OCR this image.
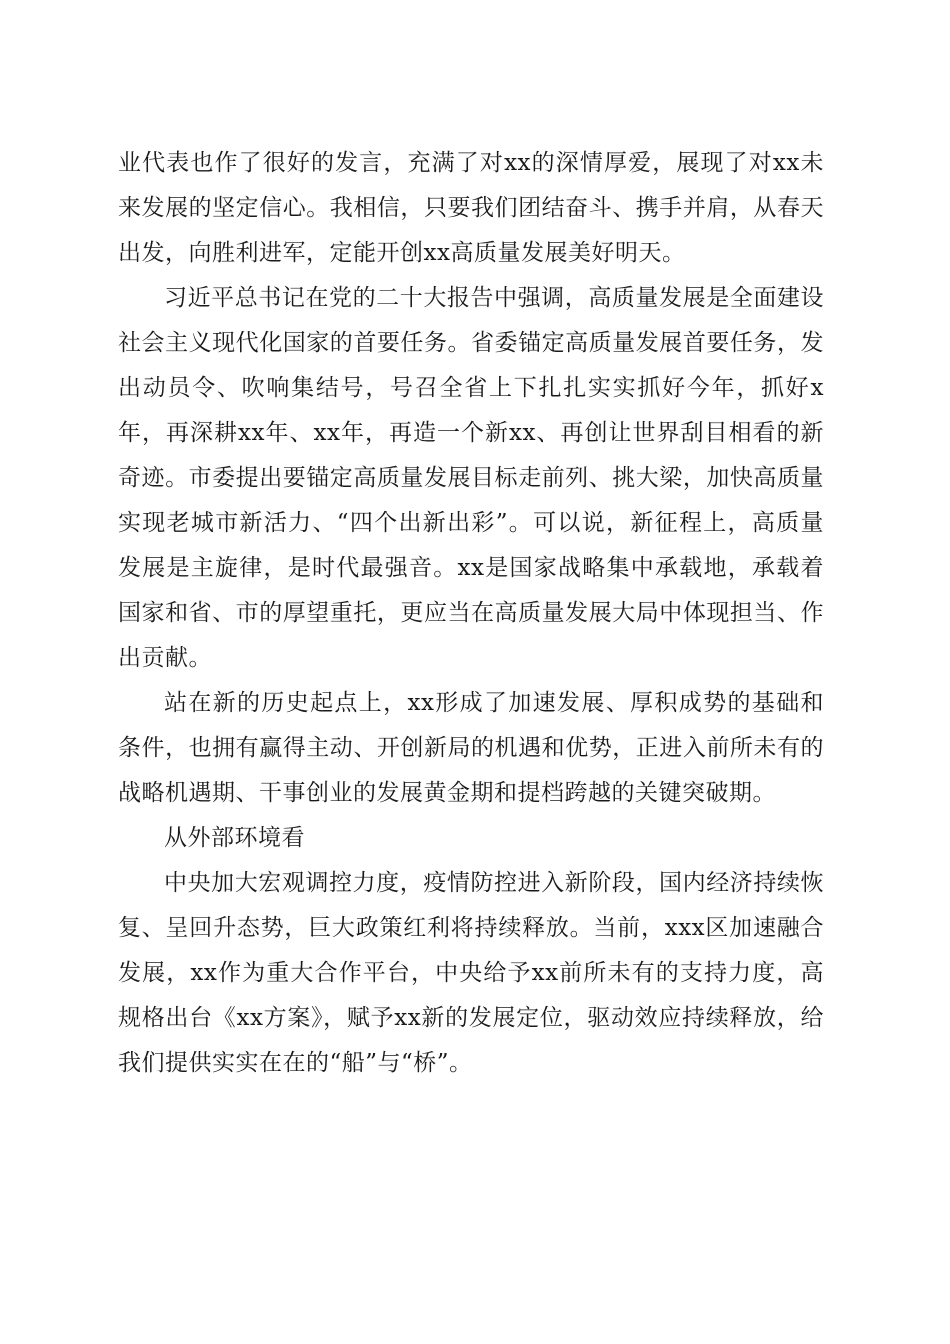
业代表也作了很好的发言，充满了对xx的深情厚爱，展现了对xx未来发展的坚定信心。我相信，只要我们团结奋斗、携手并肩，从春天出发，向胜利进军，定能开创xx高质量发展美好明天。

习近平总书记在党的二十大报告中强调，高质量发展是全面建设社会主义现代化国家的首要任务。省委锚定高质量发展首要任务，发出动员令、吹响集结号，号召全省上下扎扎实实抓好今年，抓好x年，再深耕xx年、xx年，再造一个新xx、再创让世界刮目相看的新奇迹。市委提出要锚定高质量发展目标走前列、挑大梁，加快高质量实现老城市新活力、“四个出新出彩”。可以说，新征程上，高质量发展是主旋律，是时代最强音。xx是国家战略集中承载地，承载着国家和省、市的厚望重托，更应当在高质量发展大局中体现担当、作出贡献。

站在新的历史起点上，xx形成了加速发展、厚积成势的基础和条件，也拥有赢得主动、开创新局的机遇和优势，正进入前所未有的战略机遇期、干事创业的发展黄金期和提档跨越的关键突破期。

从外部环境看

中央加大宏观调控力度，疫情防控进入新阶段，国内经济持续恢复、呈回升态势，巨大政策红利将持续释放。当前，xxx区加速融合发展，xx作为重大合作平台，中央给予xx前所未有的支持力度，高规格出台《xx方案》，赋予xx新的发展定位，驱动效应持续释放，给我们提供实实在在的“船”与“桥”。
